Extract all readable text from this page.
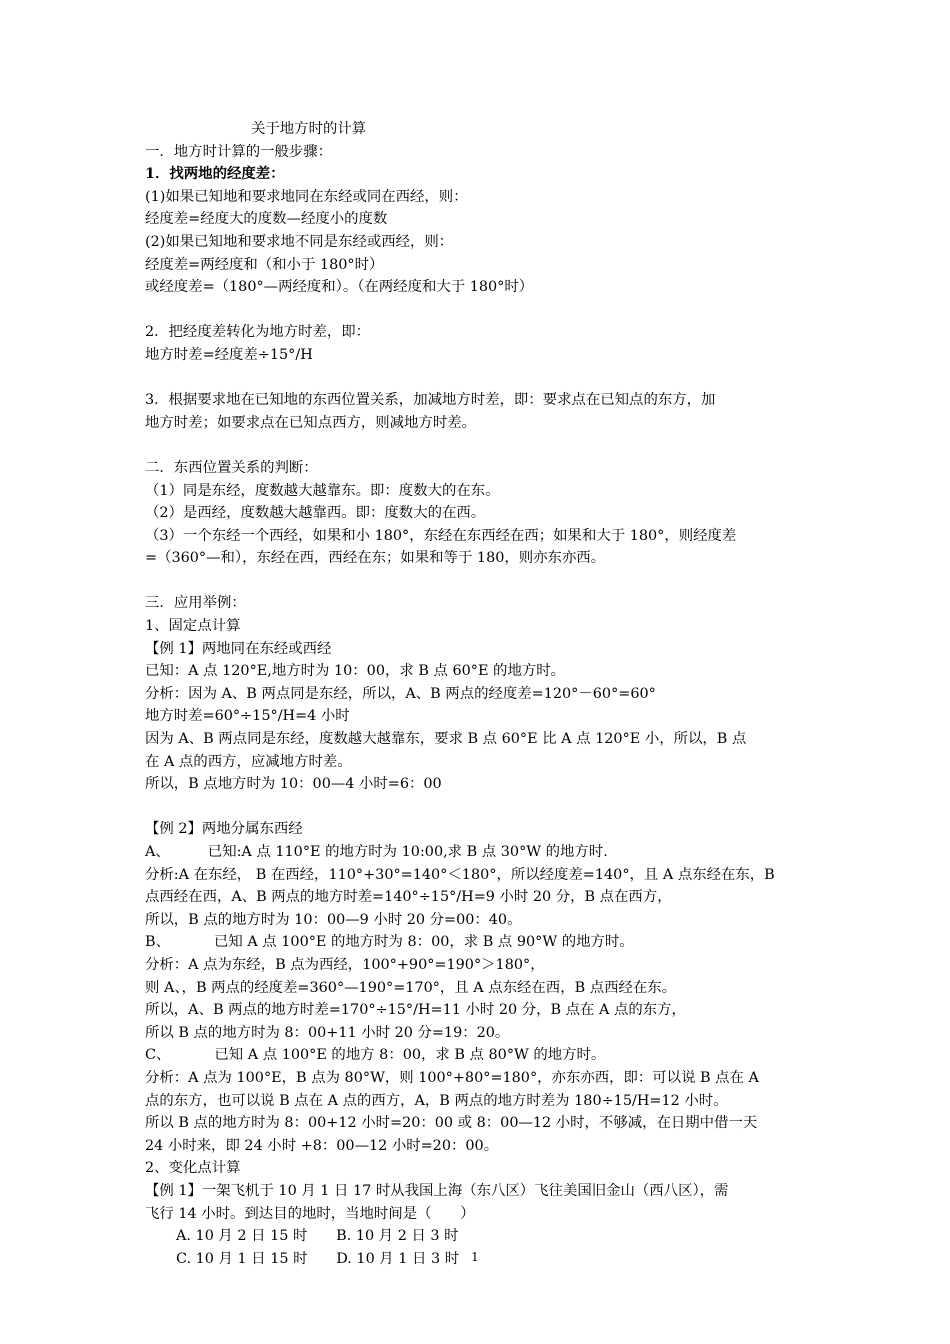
关于地方时的计算
一．地方时计算的一般步骤：
1．找两地的经度差：
(1)如果已知地和要求地同在东经或同在西经，则：
经度差=经度大的度数—经度小的度数
(2)如果已知地和要求地不同是东经或西经，则：
经度差=两经度和（和小于 180°时）
或经度差=（180°—两经度和）。（在两经度和大于 180°时）
2．把经度差转化为地方时差，即：
地方时差=经度差÷15°/H
3．根据要求地在已知地的东西位置关系，加减地方时差，即：要求点在已知点的东方，加
地方时差；如要求点在已知点西方，则减地方时差。
二．东西位置关系的判断：
（1）同是东经，度数越大越靠东。即：度数大的在东。
（2）是西经，度数越大越靠西。即：度数大的在西。
（3）一个东经一个西经，如果和小 180°，东经在东西经在西；如果和大于 180°，则经度差
=（360°—和），东经在西，西经在东；如果和等于 180，则亦东亦西。
三．应用举例：
1、固定点计算
【例 1】两地同在东经或西经
已知：A 点 120°E,地方时为 10：00，求 B 点 60°E 的地方时。
分析：因为 A、B 两点同是东经，所以，A、B 两点的经度差=120°－60°=60°
地方时差=60°÷15°/H=4 小时
因为 A、B 两点同是东经，度数越大越靠东，要求 B 点 60°E 比 A 点 120°E 小，所以，B 点
在 A 点的西方，应减地方时差。
所以，B 点地方时为 10：00—4 小时=6：00
【例 2】两地分属东西经
A、	已知:A 点 110°E 的地方时为 10:00,求 B 点 30°W 的地方时.
分析:A 在东经， B 在西经，110°+30°=140°＜180°，所以经度差=140°，且 A 点东经在东，B
点西经在西，A、B 两点的地方时差=140°÷15°/H=9 小时 20 分，B 点在西方，
所以，B 点的地方时为 10：00—9 小时 20 分=00：40。
B、	已知 A 点 100°E 的地方时为 8：00，求 B 点 90°W 的地方时。
分析：A 点为东经，B 点为西经，100°+90°=190°＞180°，
则 A、，B 两点的经度差=360°—190°=170°，且 A 点东经在西，B 点西经在东。
所以，A、B 两点的地方时差=170°÷15°/H=11 小时 20 分，B 点在 A 点的东方，
所以 B 点的地方时为 8：00+11 小时 20 分=19：20。
C、	已知 A 点 100°E 的地方 8：00，求 B 点 80°W 的地方时。
分析：A 点为 100°E，B 点为 80°W，则 100°+80°=180°，亦东亦西，即：可以说 B 点在 A
点的东方，也可以说 B 点在 A 点的西方，A，B 两点的地方时差为 180÷15/H=12 小时。
所以 B 点的地方时为 8：00+12 小时=20：00 或 8：00—12 小时，不够减，在日期中借一天
24 小时来，即 24 小时 +8：00—12 小时=20：00。
2、变化点计算
【例 1】一架飞机于 10 月 1 日 17 时从我国上海（东八区）飞往美国旧金山（西八区），需
飞行 14 小时。到达目的地时，当地时间是（　　）
A. 10 月 2 日 15 时　　B. 10 月 2 日 3 时
C. 10 月 1 日 15 时　　D. 10 月 1 日 3 时	1
